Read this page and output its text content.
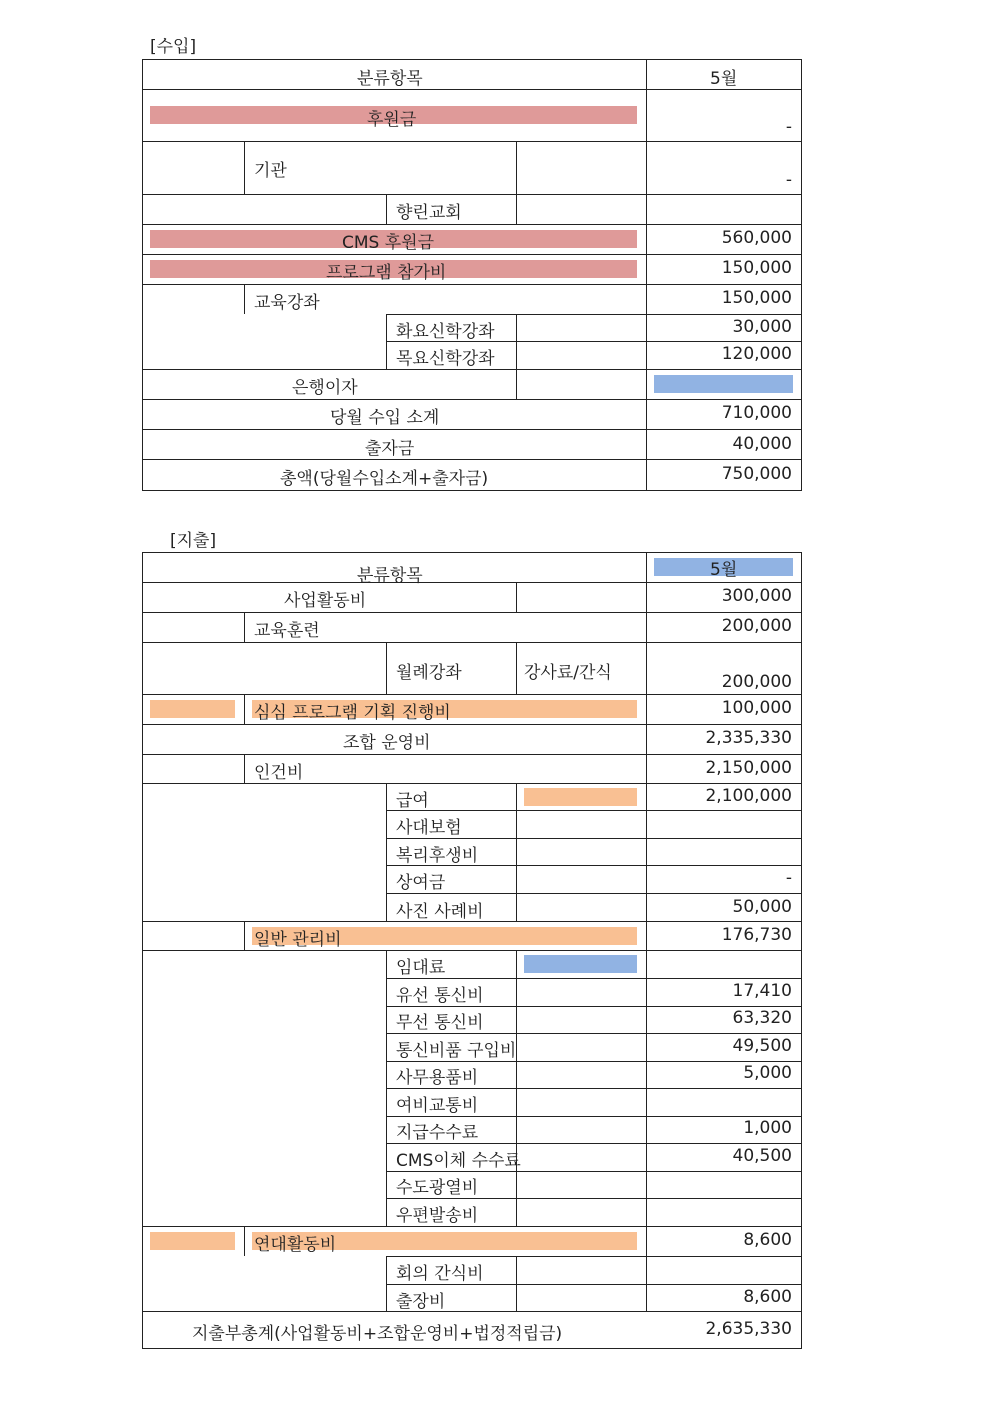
[수입]
분류항목	5월
후원금	-
기관	-
향린교회
CMS 후원금	560,000
프로그램 참가비	150,000
교육강좌	150,000
화요신학강좌	30,000
목요신학강좌	120,000
은행이자
당월 수입 소계	710,000
출자금	40,000
총액(당월수입소계+출자금)	750,000
[지출]
분류항목	5월
사업활동비	300,000
교육훈련	200,000
월례강좌	강사료/간식	200,000
심심 프로그램 기획 진행비	100,000
조합 운영비	2,335,330
인건비	2,150,000
급여	2,100,000
사대보험
복리후생비
상여금	-
사진 사례비	50,000
일반 관리비	176,730
임대료
유선 통신비	17,410
무선 통신비	63,320
통신비품 구입비	49,500
사무용품비	5,000
여비교통비
지급수수료	1,000
CMS이체 수수료	40,500
수도광열비
우편발송비
연대활동비	8,600
회의 간식비
출장비	8,600
지출부총계(사업활동비+조합운영비+법정적립금)	2,635,330
